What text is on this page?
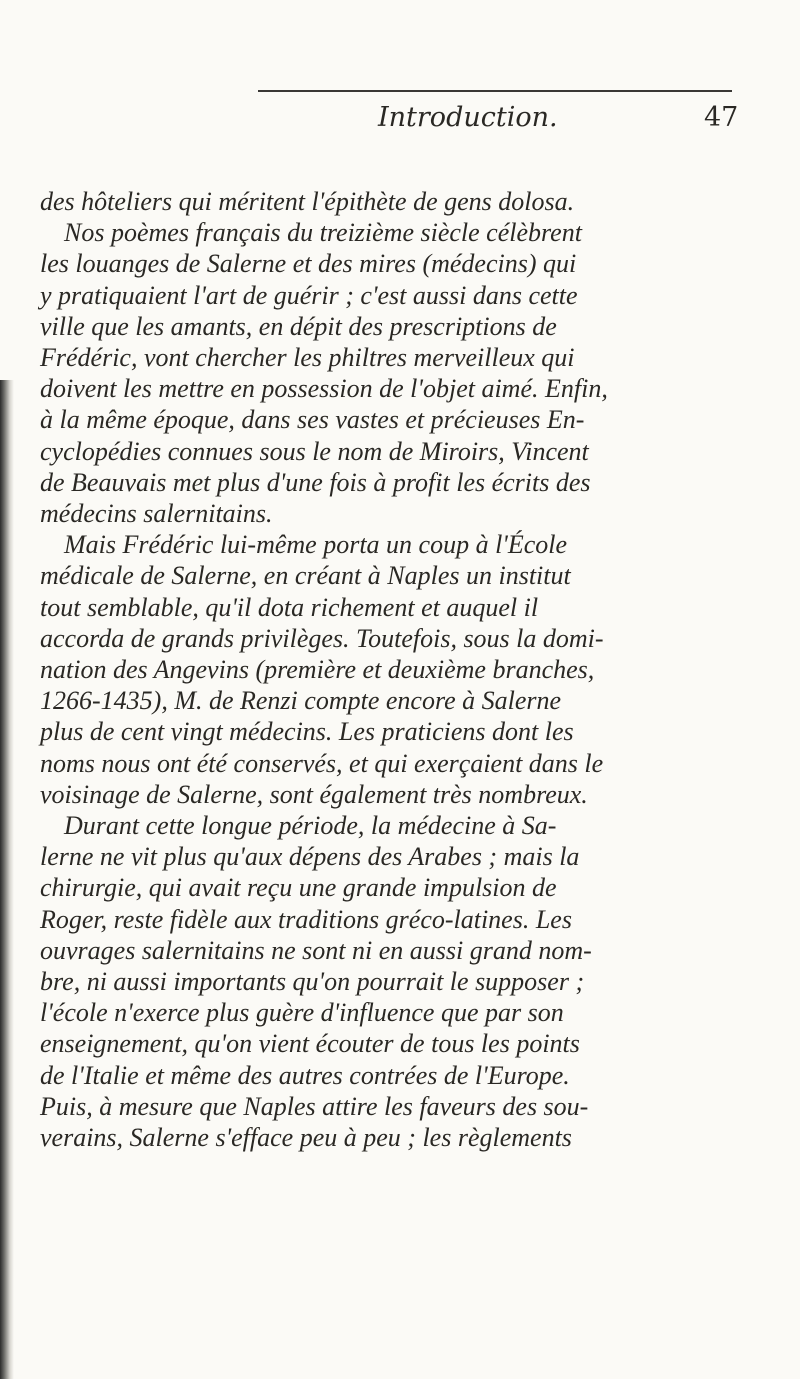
Introduction.	47
des hôteliers qui méritent l'épithète de gens dolosa.
Nos poèmes français du treizième siècle célèbrent
les louanges de Salerne et des mires (médecins) qui
y pratiquaient l'art de guérir ; c'est aussi dans cette
ville que les amants, en dépit des prescriptions de
Frédéric, vont chercher les philtres merveilleux qui
doivent les mettre en possession de l'objet aimé. Enfin,
à la même époque, dans ses vastes et précieuses En-
cyclopédies connues sous le nom de Miroirs, Vincent
de Beauvais met plus d'une fois à profit les écrits des
médecins salernitains.
Mais Frédéric lui-même porta un coup à l'École
médicale de Salerne, en créant à Naples un institut
tout semblable, qu'il dota richement et auquel il
accorda de grands privilèges. Toutefois, sous la domi-
nation des Angevins (première et deuxième branches,
1266-1435), M. de Renzi compte encore à Salerne
plus de cent vingt médecins. Les praticiens dont les
noms nous ont été conservés, et qui exerçaient dans le
voisinage de Salerne, sont également très nombreux.
Durant cette longue période, la médecine à Sa-
lerne ne vit plus qu'aux dépens des Arabes ; mais la
chirurgie, qui avait reçu une grande impulsion de
Roger, reste fidèle aux traditions gréco-latines. Les
ouvrages salernitains ne sont ni en aussi grand nom-
bre, ni aussi importants qu'on pourrait le supposer ;
l'école n'exerce plus guère d'influence que par son
enseignement, qu'on vient écouter de tous les points
de l'Italie et même des autres contrées de l'Europe.
Puis, à mesure que Naples attire les faveurs des sou-
verains, Salerne s'efface peu à peu ; les règlements
